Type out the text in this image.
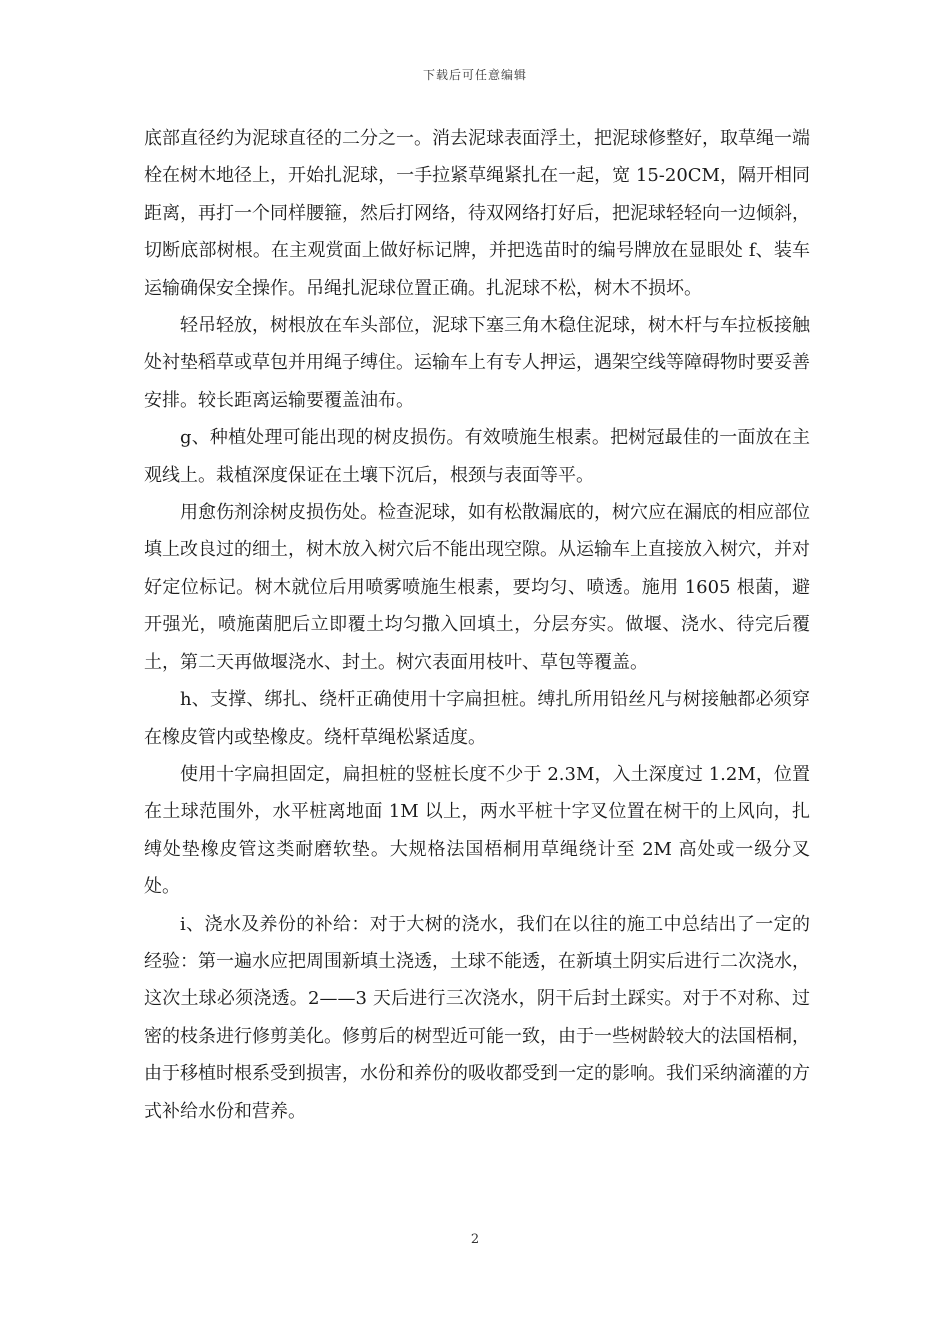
下载后可任意编辑

底部直径约为泥球直径的二分之一。消去泥球表面浮土，把泥球修整好，取草绳一端栓在树木地径上，开始扎泥球，一手拉紧草绳紧扎在一起，宽 15-20CM，隔开相同距离，再打一个同样腰箍，然后打网络，待双网络打好后，把泥球轻轻向一边倾斜，切断底部树根。在主观赏面上做好标记牌，并把选苗时的编号牌放在显眼处 f、装车运输确保安全操作。吊绳扎泥球位置正确。扎泥球不松，树木不损坏。

轻吊轻放，树根放在车头部位，泥球下塞三角木稳住泥球，树木杆与车拉板接触处衬垫稻草或草包并用绳子缚住。运输车上有专人押运，遇架空线等障碍物时要妥善安排。较长距离运输要覆盖油布。

g、种植处理可能出现的树皮损伤。有效喷施生根素。把树冠最佳的一面放在主观线上。栽植深度保证在土壤下沉后，根颈与表面等平。

用愈伤剂涂树皮损伤处。检查泥球，如有松散漏底的，树穴应在漏底的相应部位填上改良过的细土，树木放入树穴后不能出现空隙。从运输车上直接放入树穴，并对好定位标记。树木就位后用喷雾喷施生根素，要均匀、喷透。施用 1605 根菌，避开强光，喷施菌肥后立即覆土均匀撒入回填土，分层夯实。做堰、浇水、待完后覆土，第二天再做堰浇水、封土。树穴表面用枝叶、草包等覆盖。

h、支撑、绑扎、绕杆正确使用十字扁担桩。缚扎所用铅丝凡与树接触都必须穿在橡皮管内或垫橡皮。绕杆草绳松紧适度。

使用十字扁担固定，扁担桩的竖桩长度不少于 2.3M，入土深度过 1.2M，位置在土球范围外，水平桩离地面 1M 以上，两水平桩十字叉位置在树干的上风向，扎缚处垫橡皮管这类耐磨软垫。大规格法国梧桐用草绳绕计至 2M 高处或一级分叉处。

i、浇水及养份的补给：对于大树的浇水，我们在以往的施工中总结出了一定的经验：第一遍水应把周围新填土浇透，土球不能透，在新填土阴实后进行二次浇水，这次土球必须浇透。2——3 天后进行三次浇水，阴干后封土踩实。对于不对称、过密的枝条进行修剪美化。修剪后的树型近可能一致，由于一些树龄较大的法国梧桐，由于移植时根系受到损害，水份和养份的吸收都受到一定的影响。我们采纳滴灌的方式补给水份和营养。

2
